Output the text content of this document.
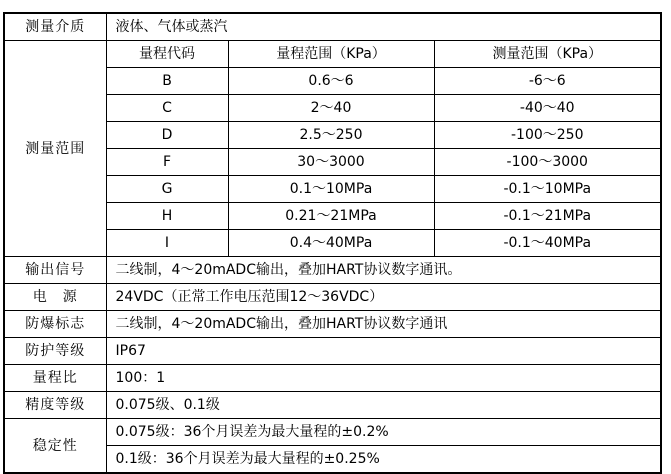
测量介质	液体、气体或蒸汽		
测量范围	量程代码	量程范围（KPa）	测量范围（KPa）
	B	0.6～6	-6～6
	C	2～40	-40～40
	D	2.5～250	-100～250
	F	30～3000	-100～3000
	G	0.1～10MPa	-0.1～10MPa
	H	0.21～21MPa	-0.1～21MPa
	I	0.4～40MPa	-0.1～40MPa
输出信号	二线制，4～20mADC输出，叠加HART协议数字通讯。		
电　源	24VDC（正常工作电压范围12～36VDC）		
防爆标志	二线制，4～20mADC输出，叠加HART协议数字通讯		
防护等级	IP67		
量程比	100：1		
精度等级	0.075级、0.1级		
稳定性	0.075级：36个月误差为最大量程的±0.2%		
	0.1级：36个月误差为最大量程的±0.25%		
